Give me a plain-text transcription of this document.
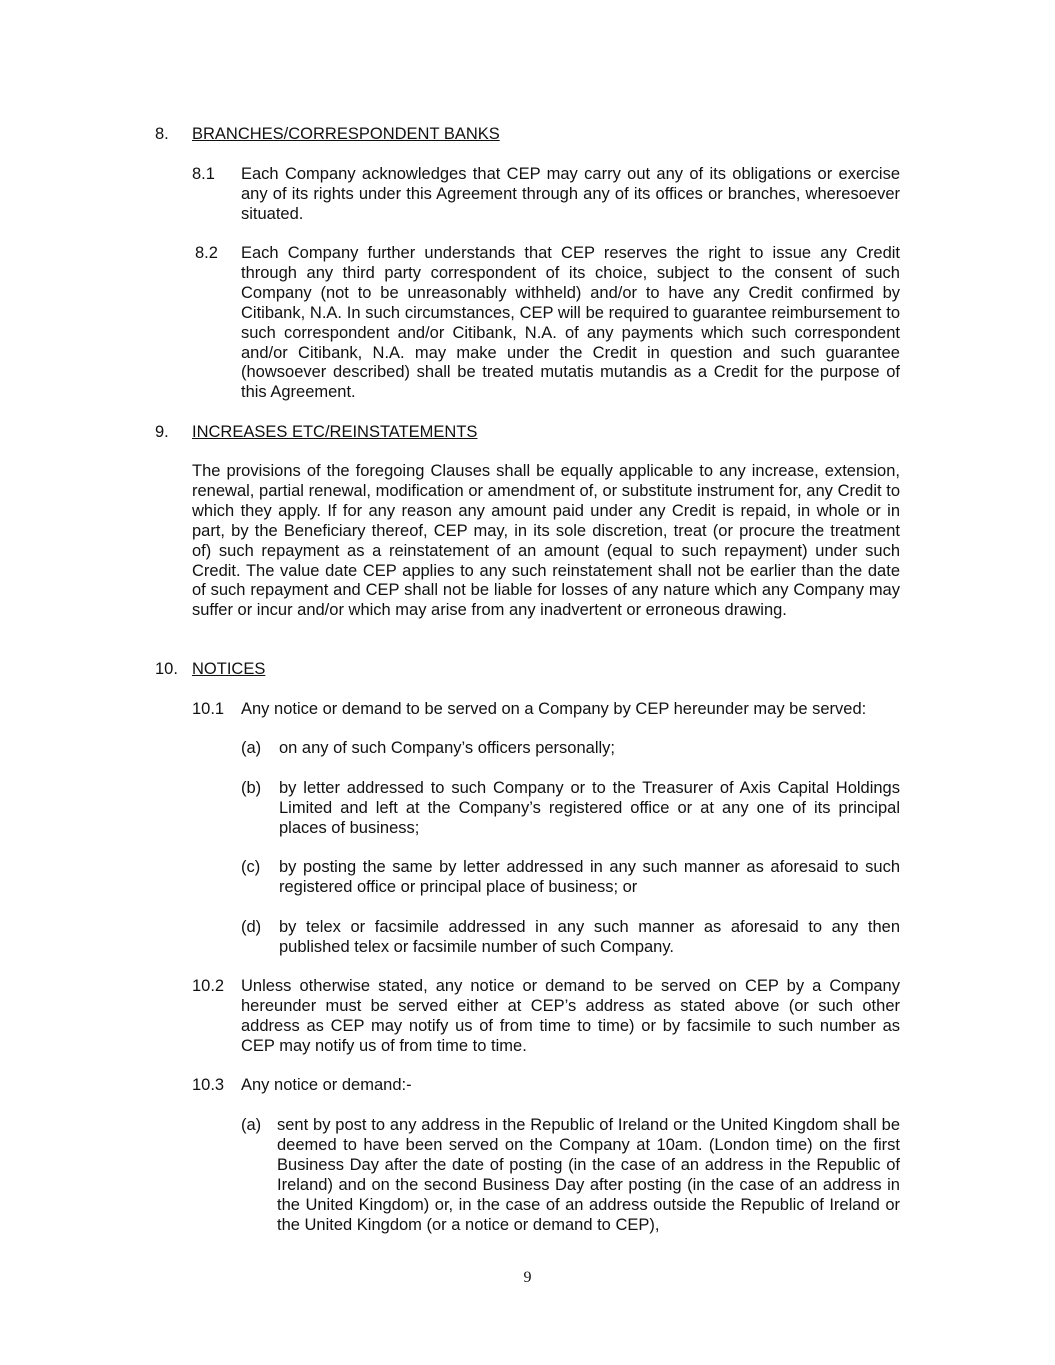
8. BRANCHES/CORRESPONDENT BANKS
8.1 Each Company acknowledges that CEP may carry out any of its obligations or exercise any of its rights under this Agreement through any of its offices or branches, wheresoever situated.
8.2 Each Company further understands that CEP reserves the right to issue any Credit through any third party correspondent of its choice, subject to the consent of such Company (not to be unreasonably withheld) and/or to have any Credit confirmed by Citibank, N.A. In such circumstances, CEP will be required to guarantee reimbursement to such correspondent and/or Citibank, N.A. of any payments which such correspondent and/or Citibank, N.A. may make under the Credit in question and such guarantee (howsoever described) shall be treated mutatis mutandis as a Credit for the purpose of this Agreement.
9. INCREASES ETC/REINSTATEMENTS
The provisions of the foregoing Clauses shall be equally applicable to any increase, extension, renewal, partial renewal, modification or amendment of, or substitute instrument for, any Credit to which they apply. If for any reason any amount paid under any Credit is repaid, in whole or in part, by the Beneficiary thereof, CEP may, in its sole discretion, treat (or procure the treatment of) such repayment as a reinstatement of an amount (equal to such repayment) under such Credit. The value date CEP applies to any such reinstatement shall not be earlier than the date of such repayment and CEP shall not be liable for losses of any nature which any Company may suffer or incur and/or which may arise from any inadvertent or erroneous drawing.
10. NOTICES
10.1 Any notice or demand to be served on a Company by CEP hereunder may be served:
(a) on any of such Company’s officers personally;
(b) by letter addressed to such Company or to the Treasurer of Axis Capital Holdings Limited and left at the Company’s registered office or at any one of its principal places of business;
(c) by posting the same by letter addressed in any such manner as aforesaid to such registered office or principal place of business; or
(d) by telex or facsimile addressed in any such manner as aforesaid to any then published telex or facsimile number of such Company.
10.2 Unless otherwise stated, any notice or demand to be served on CEP by a Company hereunder must be served either at CEP’s address as stated above (or such other address as CEP may notify us of from time to time) or by facsimile to such number as CEP may notify us of from time to time.
10.3 Any notice or demand:-
(a) sent by post to any address in the Republic of Ireland or the United Kingdom shall be deemed to have been served on the Company at 10am. (London time) on the first Business Day after the date of posting (in the case of an address in the Republic of Ireland) and on the second Business Day after posting (in the case of an address in the United Kingdom) or, in the case of an address outside the Republic of Ireland or the United Kingdom (or a notice or demand to CEP),
9
